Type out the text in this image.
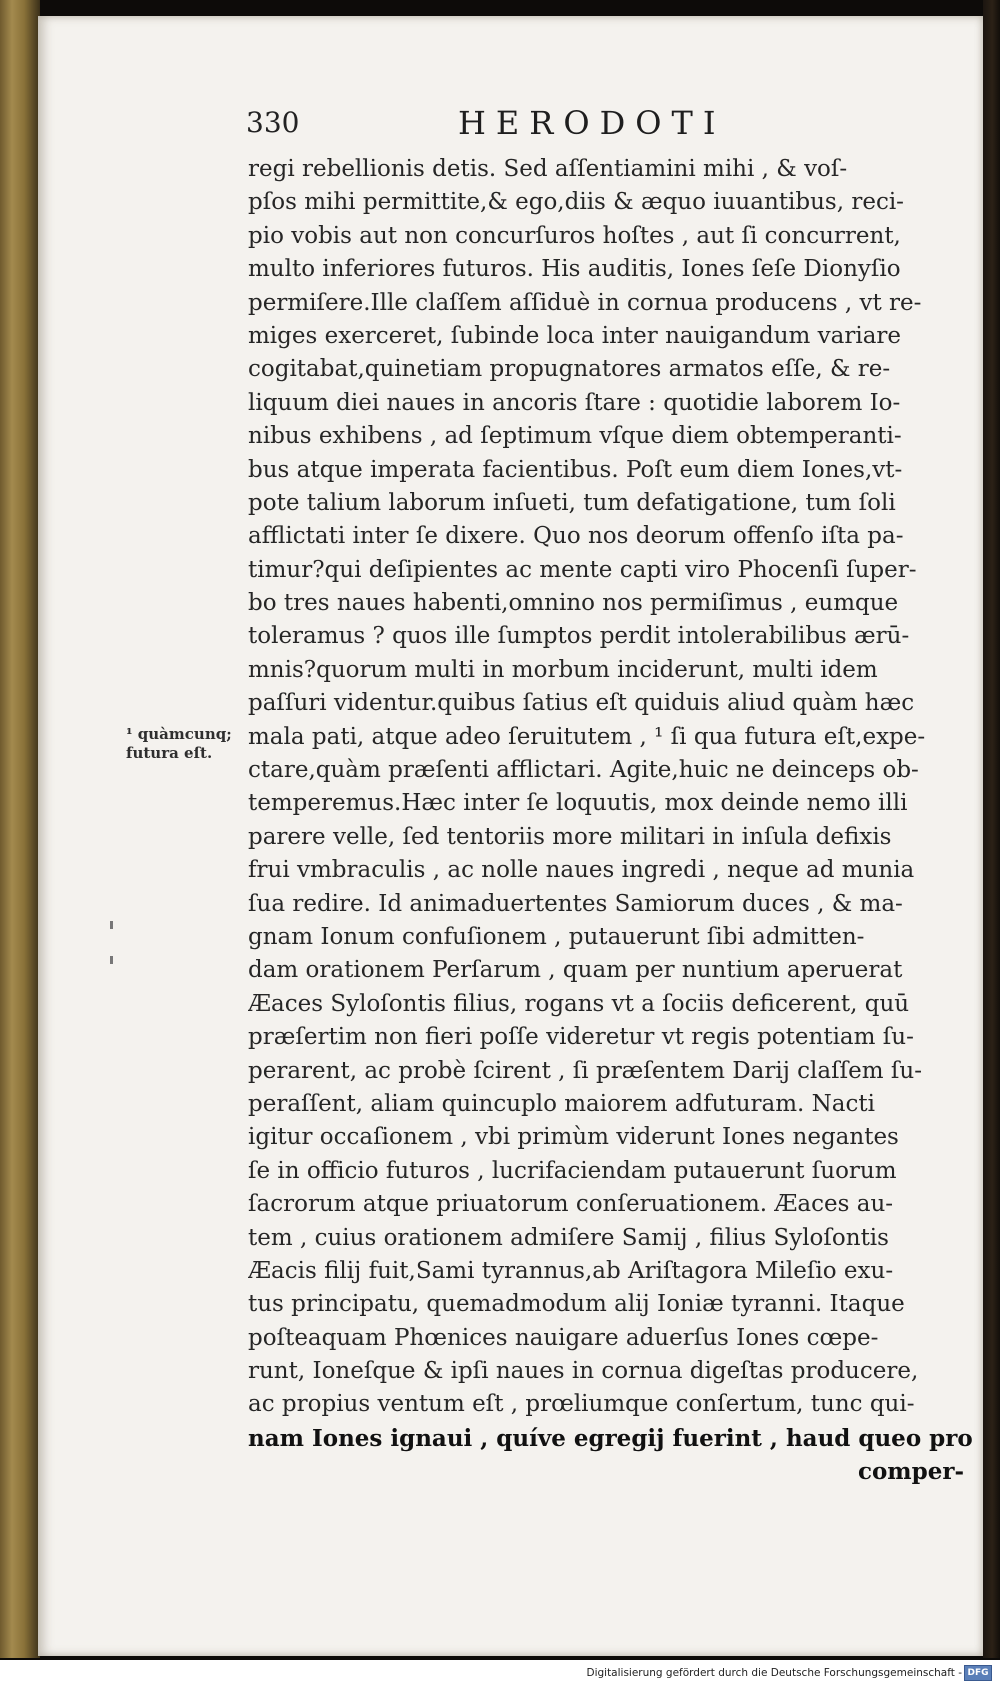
330	HERODOTI
¹ quàmcunq;
futura eſt.
regi rebellionis detis. Sed aſſentiamini mihi , & voſ-
pſos mihi permittite,& ego,diis & æquo iuuantibus, reci-
pio vobis aut non concurſuros hoſtes , aut ſi concurrent,
multo inferiores futuros. His auditis, Iones ſeſe Dionyſio
permiſere.Ille claſſem aſſiduè in cornua producens , vt re-
miges exerceret, ſubinde loca inter nauigandum variare
cogitabat,quinetiam propugnatores armatos eſſe, & re-
liquum diei naues in ancoris ſtare : quotidie laborem Io-
nibus exhibens , ad ſeptimum vſque diem obtemperanti-
bus atque imperata facientibus. Poſt eum diem Iones,vt-
pote talium laborum inſueti, tum defatigatione, tum ſoli
afflictati inter ſe dixere. Quo nos deorum offenſo iſta pa-
timur?qui deſipientes ac mente capti viro Phocenſi ſuper-
bo tres naues habenti,omnino nos permiſimus , eumque
toleramus ? quos ille ſumptos perdit intolerabilibus ærū-
mnis?quorum multi in morbum inciderunt, multi idem
paſſuri videntur.quibus ſatius eſt quiduis aliud quàm hæc
mala pati, atque adeo ſeruitutem , ¹ ſi qua futura eſt,expe-
ctare,quàm præſenti afflictari. Agite,huic ne deinceps ob-
temperemus.Hæc inter ſe loquutis, mox deinde nemo illi
parere velle, ſed tentoriis more militari in inſula defixis
frui vmbraculis , ac nolle naues ingredi , neque ad munia
ſua redire. Id animaduertentes Samiorum duces , & ma-
gnam Ionum confuſionem , putauerunt ſibi admitten-
dam orationem Perſarum , quam per nuntium aperuerat
Æaces Syloſontis filius, rogans vt a ſociis deficerent, quū
præſertim non fieri poſſe videretur vt regis potentiam ſu-
perarent, ac probè ſcirent , ſi præſentem Darij claſſem ſu-
peraſſent, aliam quincuplo maiorem adfuturam. Nacti
igitur occaſionem , vbi primùm viderunt Iones negantes
ſe in officio futuros , lucrifaciendam putauerunt ſuorum
ſacrorum atque priuatorum conſeruationem. Æaces au-
tem , cuius orationem admiſere Samij , filius Syloſontis
Æacis filij fuit,Sami tyrannus,ab Ariſtagora Mileſio exu-
tus principatu, quemadmodum alij Ioniæ tyranni. Itaque
poſteaquam Phœnices nauigare aduerſus Iones cœpe-
runt, Ioneſque & ipſi naues in cornua digeſtas producere,
ac propius ventum eſt , prœliumque conſertum, tunc qui-
nam Iones ignaui , quíve egregij fuerint , haud queo pro
comper-
Digitalisierung gefördert durch die Deutsche Forschungsgemeinschaft - DFG
